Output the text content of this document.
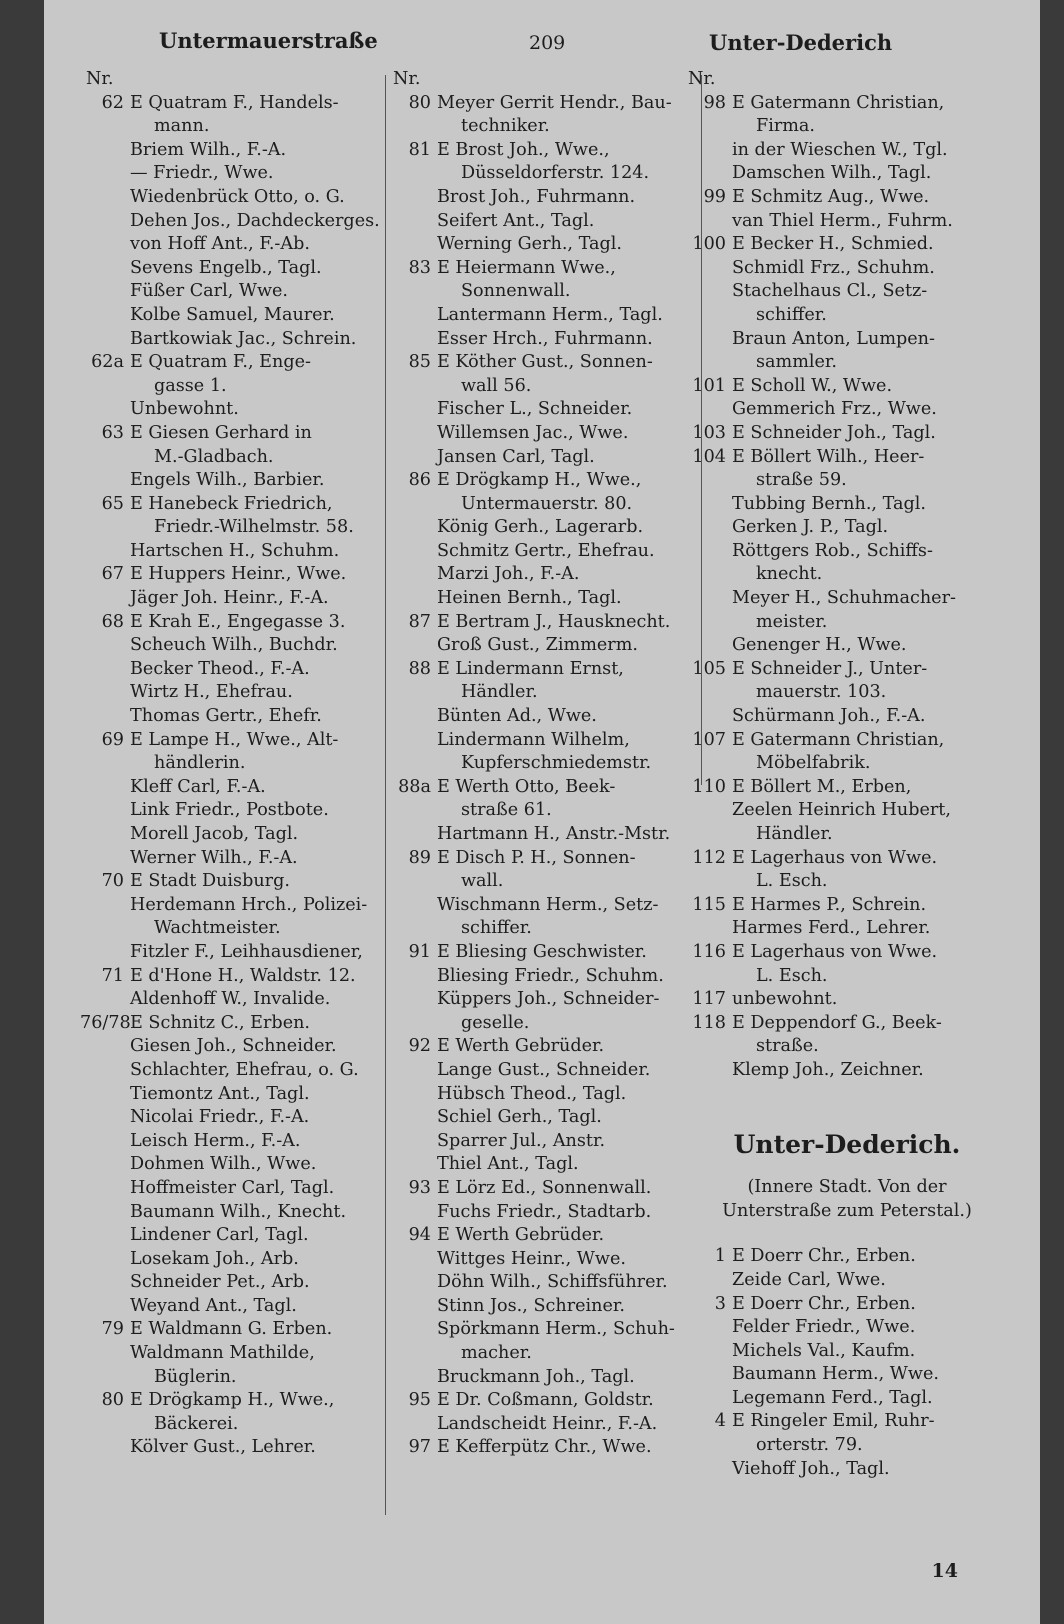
Untermauerstraße	209	Unter-Dederich
Nr.
62 E Quatram F., Handels-
mann.
Briem Wilh., F.-A.
— Friedr., Wwe.
Wiedenbrück Otto, o. G.
Dehen Jos., Dachdeckerges.
von Hoff Ant., F.-Ab.
Sevens Engelb., Tagl.
Füßer Carl, Wwe.
Kolbe Samuel, Maurer.
Bartkowiak Jac., Schrein.
62a E Quatram F., Enge-
gasse 1.
Unbewohnt.
63 E Giesen Gerhard in
M.-Gladbach.
Engels Wilh., Barbier.
65 E Hanebeck Friedrich,
Friedr.-Wilhelmstr. 58.
Hartschen H., Schuhm.
67 E Huppers Heinr., Wwe.
Jäger Joh. Heinr., F.-A.
68 E Krah E., Engegasse 3.
Scheuch Wilh., Buchdr.
Becker Theod., F.-A.
Wirtz H., Ehefrau.
Thomas Gertr., Ehefr.
69 E Lampe H., Wwe., Alt-
händlerin.
Kleff Carl, F.-A.
Link Friedr., Postbote.
Morell Jacob, Tagl.
Werner Wilh., F.-A.
70 E Stadt Duisburg.
Herdemann Hrch., Polizei-
Wachtmeister.
Fitzler F., Leihhausdiener,
71 E d'Hone H., Waldstr. 12.
Aldenhoff W., Invalide.
76/78E Schnitz C., Erben.
Giesen Joh., Schneider.
Schlachter, Ehefrau, o. G.
Tiemontz Ant., Tagl.
Nicolai Friedr., F.-A.
Leisch Herm., F.-A.
Dohmen Wilh., Wwe.
Hoffmeister Carl, Tagl.
Baumann Wilh., Knecht.
Lindener Carl, Tagl.
Losekam Joh., Arb.
Schneider Pet., Arb.
Weyand Ant., Tagl.
79 E Waldmann G. Erben.
Waldmann Mathilde,
Büglerin.
80 E Drögkamp H., Wwe.,
Bäckerei.
Kölver Gust., Lehrer.
Nr.
80 Meyer Gerrit Hendr., Bau-
techniker.
81 E Brost Joh., Wwe.,
Düsseldorferstr. 124.
Brost Joh., Fuhrmann.
Seifert Ant., Tagl.
Werning Gerh., Tagl.
83 E Heiermann Wwe.,
Sonnenwall.
Lantermann Herm., Tagl.
Esser Hrch., Fuhrmann.
85 E Köther Gust., Sonnen-
wall 56.
Fischer L., Schneider.
Willemsen Jac., Wwe.
Jansen Carl, Tagl.
86 E Drögkamp H., Wwe.,
Untermauerstr. 80.
König Gerh., Lagerarb.
Schmitz Gertr., Ehefrau.
Marzi Joh., F.-A.
Heinen Bernh., Tagl.
87 E Bertram J., Hausknecht.
Groß Gust., Zimmerm.
88 E Lindermann Ernst,
Händler.
Bünten Ad., Wwe.
Lindermann Wilhelm,
Kupferschmiedemstr.
88a E Werth Otto, Beek-
straße 61.
Hartmann H., Anstr.-Mstr.
89 E Disch P. H., Sonnen-
wall.
Wischmann Herm., Setz-
schiffer.
91 E Bliesing Geschwister.
Bliesing Friedr., Schuhm.
Küppers Joh., Schneider-
geselle.
92 E Werth Gebrüder.
Lange Gust., Schneider.
Hübsch Theod., Tagl.
Schiel Gerh., Tagl.
Sparrer Jul., Anstr.
Thiel Ant., Tagl.
93 E Lörz Ed., Sonnenwall.
Fuchs Friedr., Stadtarb.
94 E Werth Gebrüder.
Wittges Heinr., Wwe.
Döhn Wilh., Schiffsführer.
Stinn Jos., Schreiner.
Spörkmann Herm., Schuh-
macher.
Bruckmann Joh., Tagl.
95 E Dr. Coßmann, Goldstr.
Landscheidt Heinr., F.-A.
97 E Kefferpütz Chr., Wwe.
Nr.
98 E Gatermann Christian,
Firma.
in der Wieschen W., Tgl.
Damschen Wilh., Tagl.
99 E Schmitz Aug., Wwe.
van Thiel Herm., Fuhrm.
100 E Becker H., Schmied.
Schmidl Frz., Schuhm.
Stachelhaus Cl., Setz-
schiffer.
Braun Anton, Lumpen-
sammler.
101 E Scholl W., Wwe.
Gemmerich Frz., Wwe.
103 E Schneider Joh., Tagl.
104 E Böllert Wilh., Heer-
straße 59.
Tubbing Bernh., Tagl.
Gerken J. P., Tagl.
Röttgers Rob., Schiffs-
knecht.
Meyer H., Schuhmacher-
meister.
Genenger H., Wwe.
105 E Schneider J., Unter-
mauerstr. 103.
Schürmann Joh., F.-A.
107 E Gatermann Christian,
Möbelfabrik.
110 E Böllert M., Erben,
Zeelen Heinrich Hubert,
Händler.
112 E Lagerhaus von Wwe.
L. Esch.
115 E Harmes P., Schrein.
Harmes Ferd., Lehrer.
116 E Lagerhaus von Wwe.
L. Esch.
117 unbewohnt.
118 E Deppendorf G., Beek-
straße.
Klemp Joh., Zeichner.
Unter-Dederich.
(Innere Stadt. Von der
Unterstraße zum Peterstal.)
1 E Doerr Chr., Erben.
Zeide Carl, Wwe.
3 E Doerr Chr., Erben.
Felder Friedr., Wwe.
Michels Val., Kaufm.
Baumann Herm., Wwe.
Legemann Ferd., Tagl.
4 E Ringeler Emil, Ruhr-
orterstr. 79.
Viehoff Joh., Tagl.
14
